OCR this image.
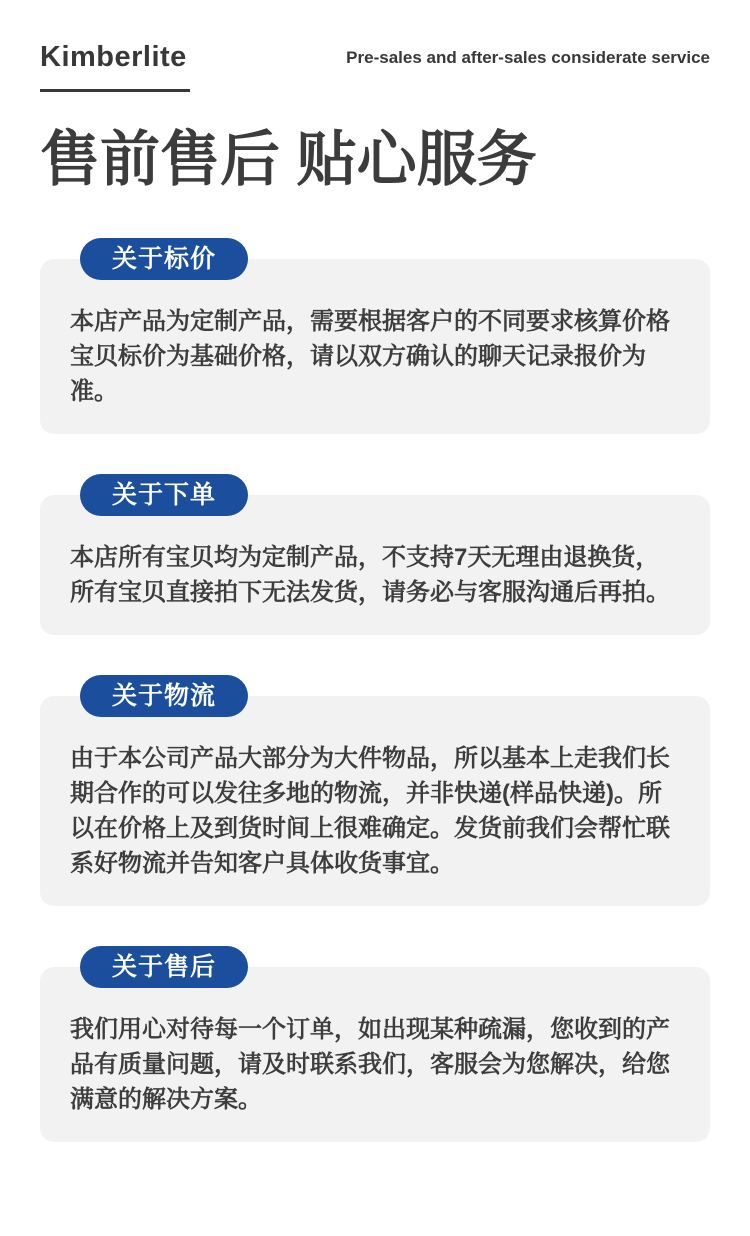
Kimberlite	Pre-sales and after-sales considerate service
售前售后 贴心服务
关于标价

本店产品为定制产品，需要根据客户的不同要求核算价格宝贝标价为基础价格，请以双方确认的聊天记录报价为准。

关于下单

本店所有宝贝均为定制产品，不支持7天无理由退换货，所有宝贝直接拍下无法发货，请务必与客服沟通后再拍。

关于物流

由于本公司产品大部分为大件物品，所以基本上走我们长期合作的可以发往多地的物流，并非快递(样品快递)。所以在价格上及到货时间上很难确定。发货前我们会帮忙联系好物流并告知客户具体收货事宜。

关于售后

我们用心对待每一个订单，如出现某种疏漏，您收到的产品有质量问题，请及时联系我们，客服会为您解决，给您满意的解决方案。
